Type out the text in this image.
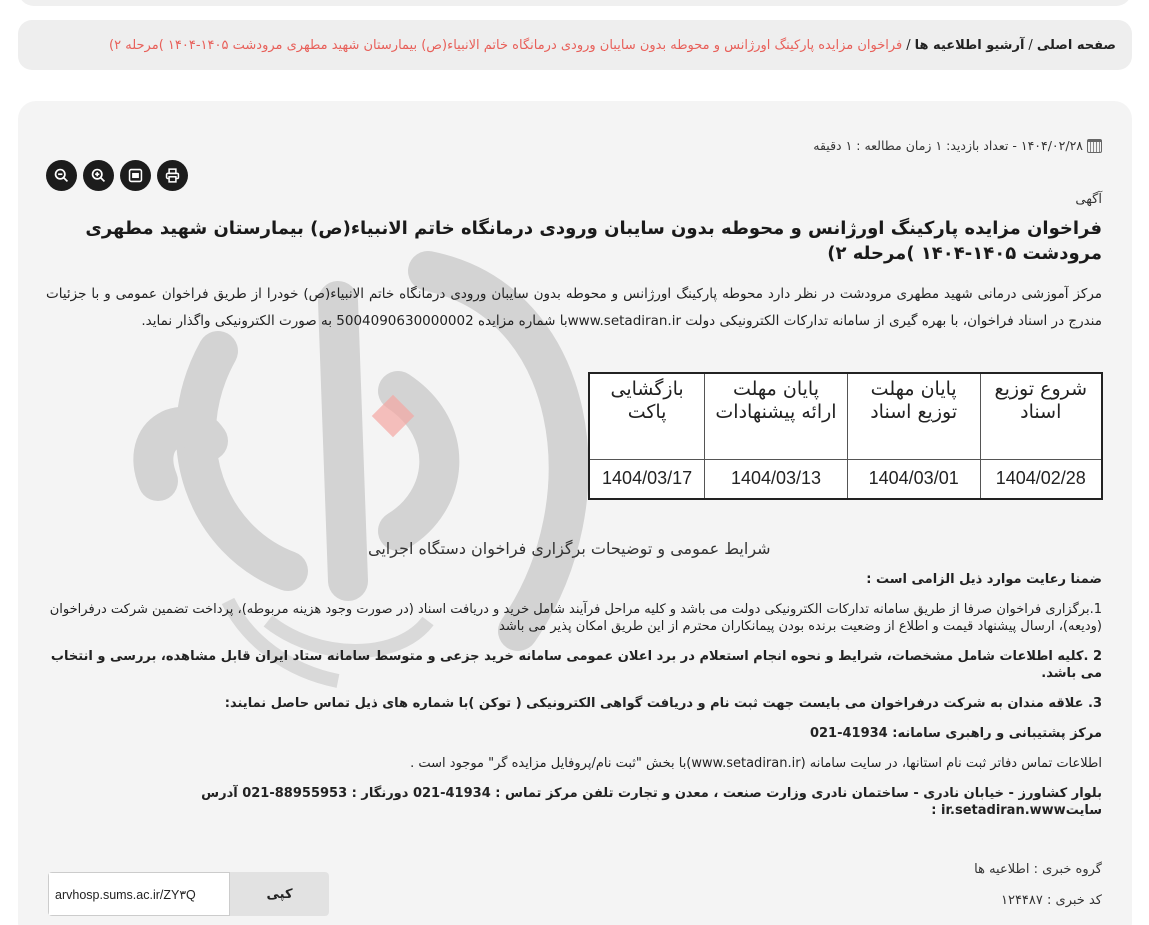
صفحه اصلی
/
آرشیو اطلاعیه ها
/
فراخوان مزایده پارکینگ اورژانس و محوطه بدون سایبان ورودی درمانگاه خاتم الانبیاء(ص) بیمارستان شهید مطهری مرودشت ۱۴۰۵-۱۴۰۴ )مرحله ۲)
۱۴۰۴/۰۲/۲۸
- تعداد بازدید: ۱
زمان مطالعه : ۱ دقیقه
آگهی
فراخوان مزایده پارکینگ اورژانس و محوطه بدون سایبان ورودی درمانگاه خاتم الانبیاء(ص) بیمارستان شهید مطهری مرودشت ۱۴۰۵-۱۴۰۴ )مرحله ۲)

مرکز آموزشی درمانی شهید مطهری مرودشت در نظر دارد محوطه پارکینگ اورژانس و محوطه بدون سایبان ورودی درمانگاه خاتم الانبیاء(ص) خودرا از طریق فراخوان عمومی و با جزئیات مندرج در اسناد فراخوان، با بهره گیری از سامانه تدارکات الکترونیکی دولت www.setadiran.irبا شماره مزایده 5004090630000002 به صورت الکترونیکی واگذار نماید.

شروع توزیع اسناد	پایان مهلت توزیع اسناد	پایان مهلت ارائه پیشنهادات	بازگشایی پاکت
1404/02/28	1404/03/01	1404/03/13	1404/03/17
شرایط عمومی و توضیحات برگزاری فراخوان دستگاه اجرایی

ضمنا رعایت موارد ذیل الزامی است :

1.برگزاری فراخوان صرفا از طریق سامانه تدارکات الکترونیکی دولت می باشد و کلیه مراحل فرآیند شامل خرید و دریافت اسناد (در صورت وجود هزینه مربوطه)، پرداخت تضمین شرکت درفراخوان (ودیعه)، ارسال پیشنهاد قیمت و اطلاع از وضعیت برنده بودن پیمانکاران محترم از این طریق امکان پذیر می باشد

2 .کلیه اطلاعات شامل مشخصات، شرایط و نحوه انجام استعلام در برد اعلان عمومی سامانه خرید جزعی و متوسط سامانه ستاد ایران قابل مشاهده، بررسی و انتخاب می باشد.

3. علاقه مندان به شرکت درفراخوان می بایست جهت ثبت نام و دریافت گواهی الکترونیکی ( توکن )با شماره های ذیل تماس حاصل نمایند:

مرکز پشتیبانی و راهبری سامانه: 41934-021

اطلاعات تماس دفاتر ثبت نام استانها، در سایت سامانه (www.setadiran.ir)با بخش "ثبت نام/پروفایل مزایده گر" موجود است .

بلوار کشاورز - خیابان نادری - ساختمان نادری وزارت صنعت ، معدن و تجارت تلفن مرکز تماس : 41934-021 دورنگار : 88955953-021 آدرس سایتir.setadiran.www :

گروه خبری : اطلاعیه ها
کد خبری : ۱۲۴۴۸۷
arvhosp.sums.ac.ir/ZY۳Q	کپی
